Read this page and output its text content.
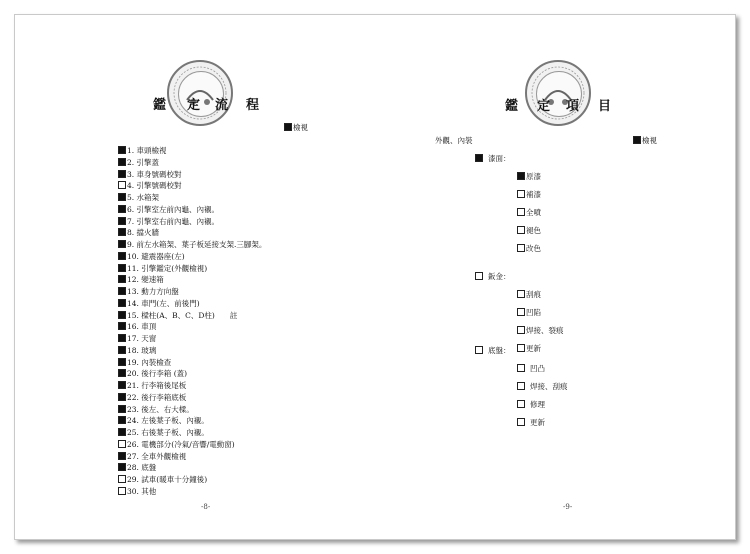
鑑 定 流 程
檢視
1. 車頭檢視
2. 引擎蓋
3. 車身號碼校對
4. 引擎號碼校對
5. 水箱架
6. 引擎室左前內龜、內襯。
7. 引擎室右前內龜、內襯。
8. 擋火牆
9. 前左水箱架、葉子板延接支架.三腳架。
10. 避震器座(左)
11. 引擎鑑定(外觀檢視)
12. 變速箱
13. 動力方向盤
14. 車門(左、前後門)
15. 樑柱(A、B、C、D柱)　　註
16. 車頂
17. 天窗
18. 玻璃
19. 內裝檢查
20. 後行李箱 (蓋)
21. 行李箱後尾板
22. 後行李箱底板
23. 後左、右大樑。
24. 左後葉子板、內襯。
25. 右後葉子板、內襯。
26. 電機部分(冷氣/音響/電動窗)
27. 全車外觀檢視
28. 底盤
29. 試車(暖車十分鐘後)
30. 其他
-8-
鑑 定 項 目
外觀、內裝	檢視
漆面：
原漆
補漆
全噴
褪色
改色
鈑金：
刮痕
凹陷
焊接、裂痕
更新
底盤：
凹凸
焊接、刮痕
修理
更新
-9-
